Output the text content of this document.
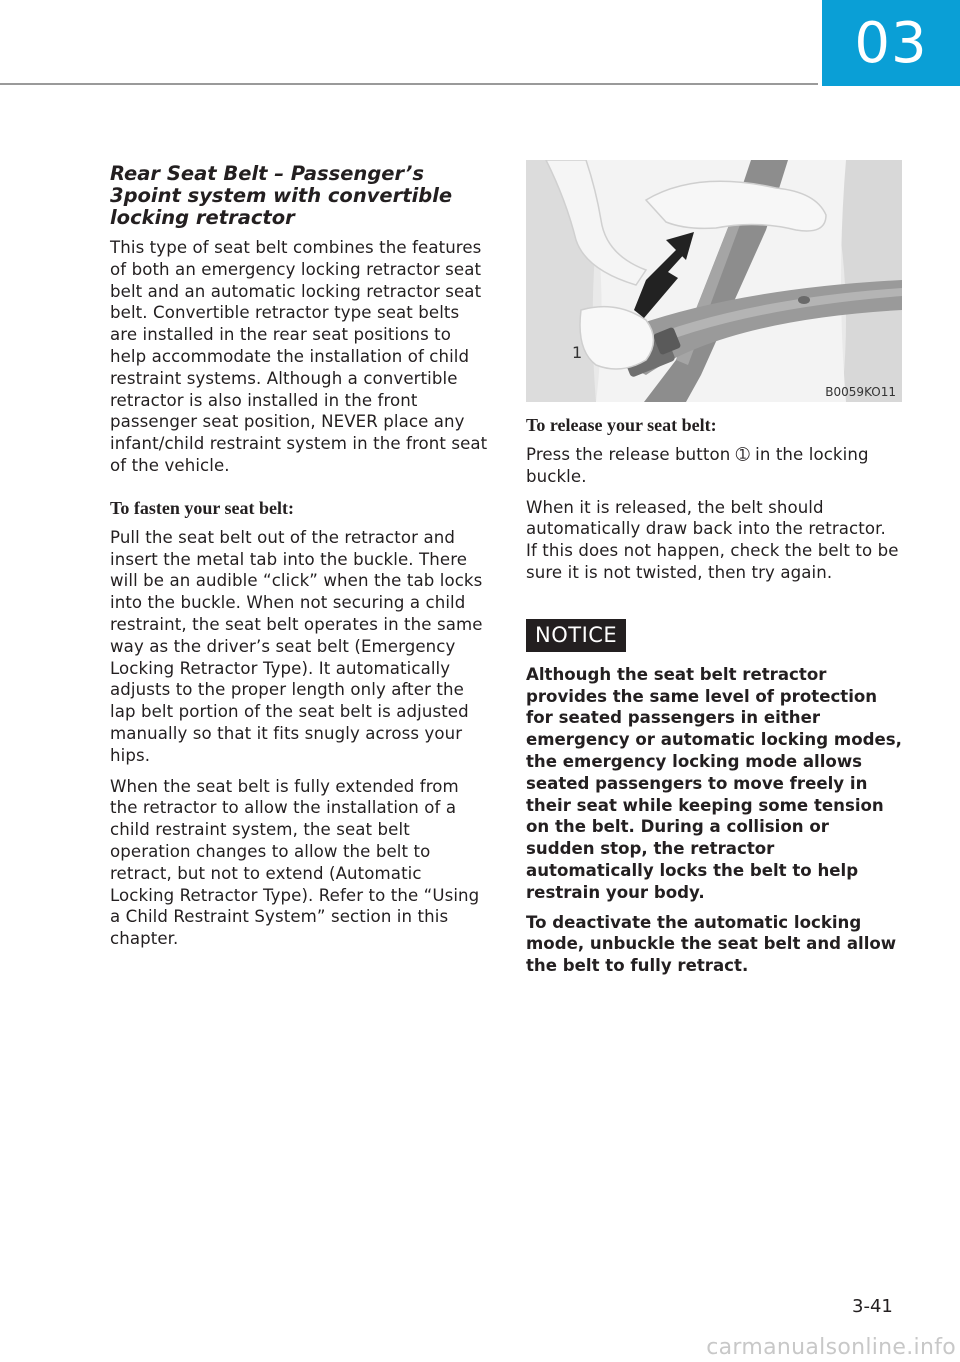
03
Rear Seat Belt – Passenger’s 3point system with convertible locking retractor

This type of seat belt combines the features of both an emergency locking retractor seat belt and an automatic locking retractor seat belt. Convertible retractor type seat belts are installed in the rear seat positions to help accommodate the installation of child restraint systems. Although a convertible retractor is also installed in the front passenger seat position, NEVER place any infant/child restraint system in the front seat of the vehicle.

To fasten your seat belt:

Pull the seat belt out of the retractor and insert the metal tab into the buckle. There will be an audible “click” when the tab locks into the buckle. When not securing a child restraint, the seat belt operates in the same way as the driver’s seat belt (Emergency Locking Retractor Type). It automatically adjusts to the proper length only after the lap belt portion of the seat belt is adjusted manually so that it fits snugly across your hips.

When the seat belt is fully extended from the retractor to allow the installation of a child restraint system, the seat belt operation changes to allow the belt to retract, but not to extend (Automatic Locking Retractor Type). Refer to the “Using a Child Restraint System” section in this chapter.

1
B0059KO11
To release your seat belt:

Press the release button ➀ in the locking buckle.

When it is released, the belt should automatically draw back into the retractor. If this does not happen, check the belt to be sure it is not twisted, then try again.

NOTICE

Although the seat belt retractor provides the same level of protection for seated passengers in either emergency or automatic locking modes, the emergency locking mode allows seated passengers to move freely in their seat while keeping some tension on the belt. During a collision or sudden stop, the retractor automatically locks the belt to help restrain your body.

To deactivate the automatic locking mode, unbuckle the seat belt and allow the belt to fully retract.

3-41
carmanualsonline.info
